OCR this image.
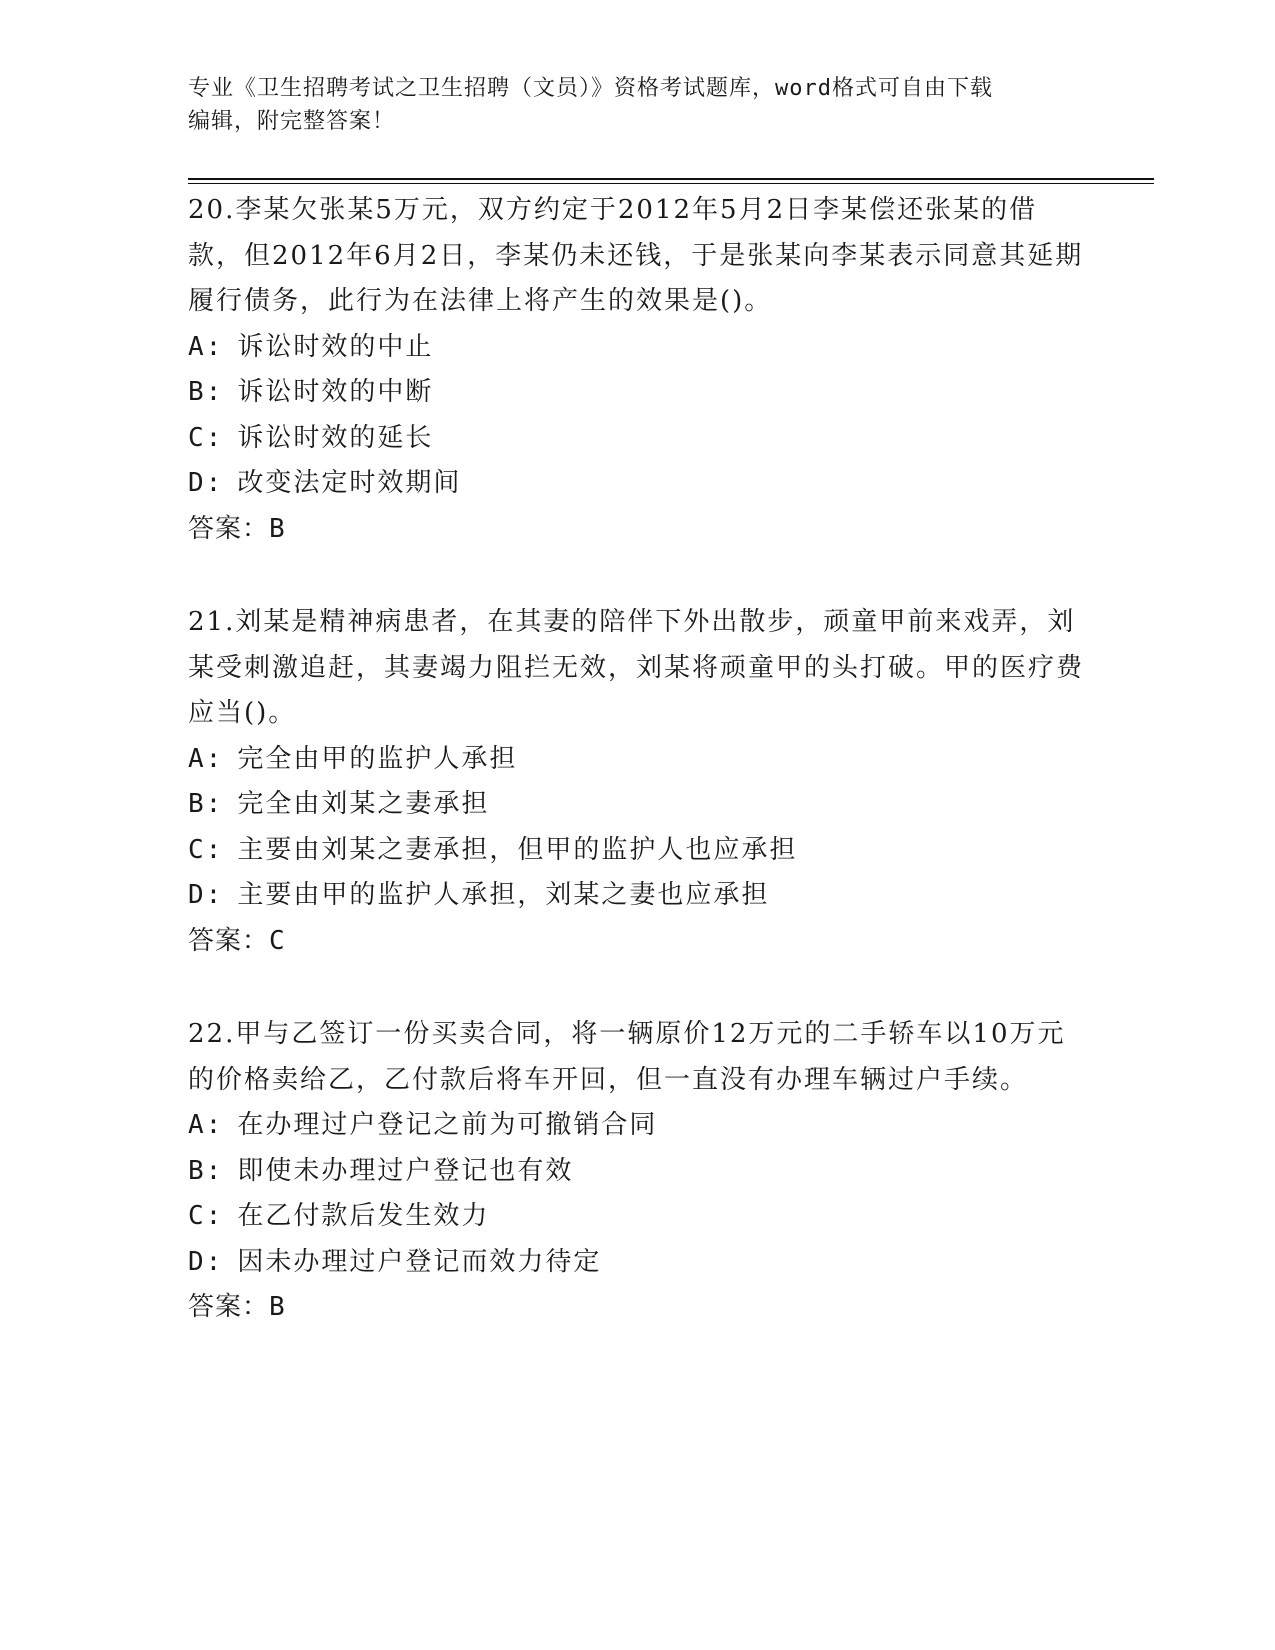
专业《卫生招聘考试之卫生招聘（文员）》资格考试题库，word格式可自由下载
编辑，附完整答案！
20.李某欠张某5万元，双方约定于2012年5月2日李某偿还张某的借款，但2012年6月2日，李某仍未还钱，于是张某向李某表示同意其延期履行债务，此行为在法律上将产生的效果是()。
A: 诉讼时效的中止
B: 诉讼时效的中断
C: 诉讼时效的延长
D: 改变法定时效期间
答案：B
21.刘某是精神病患者，在其妻的陪伴下外出散步，顽童甲前来戏弄，刘某受刺激追赶，其妻竭力阻拦无效，刘某将顽童甲的头打破。甲的医疗费应当()。
A: 完全由甲的监护人承担
B: 完全由刘某之妻承担
C: 主要由刘某之妻承担，但甲的监护人也应承担
D: 主要由甲的监护人承担，刘某之妻也应承担
答案：C
22.甲与乙签订一份买卖合同，将一辆原价12万元的二手轿车以10万元的价格卖给乙，乙付款后将车开回，但一直没有办理车辆过户手续。
A: 在办理过户登记之前为可撤销合同
B: 即使未办理过户登记也有效
C: 在乙付款后发生效力
D: 因未办理过户登记而效力待定
答案：B
